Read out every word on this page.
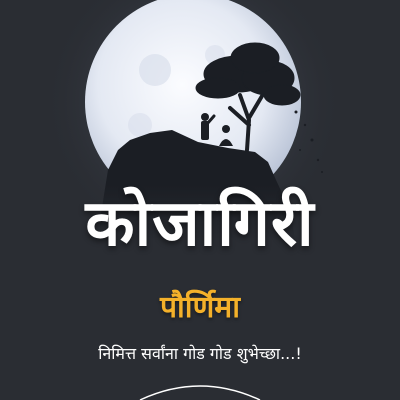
कोजागिरी
पौर्णिमा
निमित्त सर्वांना गोड गोड शुभेच्छा...!
